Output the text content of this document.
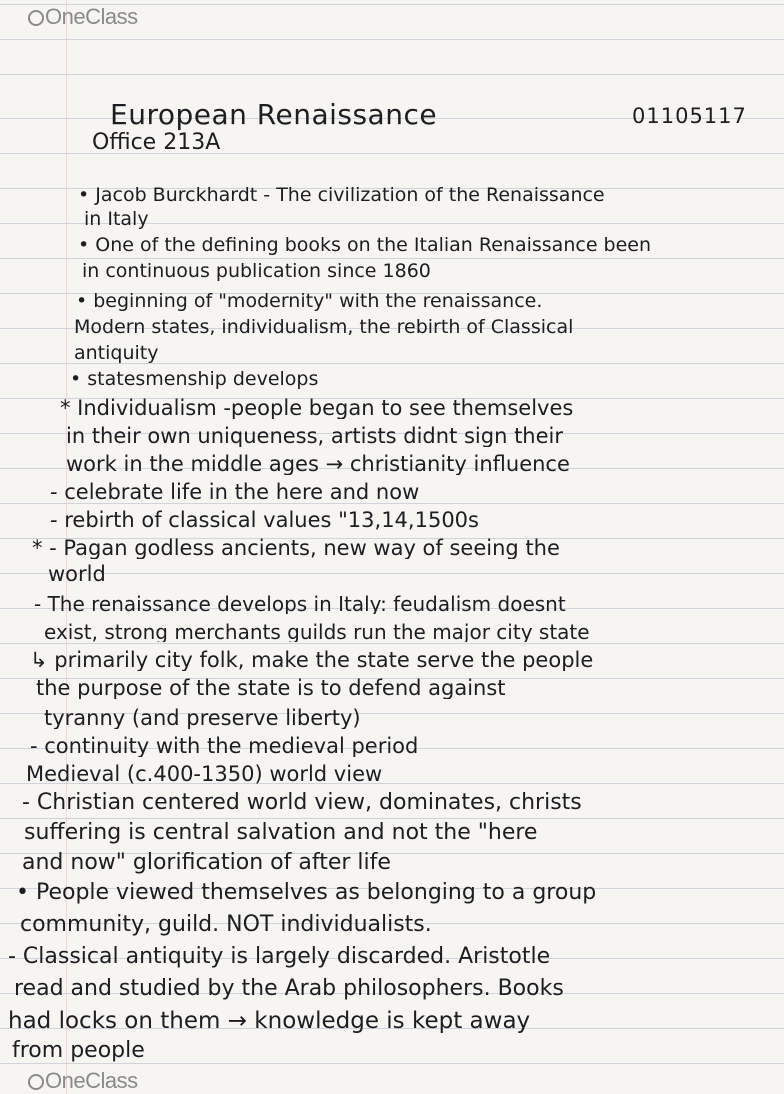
OneClass
European Renaissance	01105117
Office 213A

• Jacob Burckhardt - The civilization of the Renaissance

in Italy

• One of the defining books on the Italian Renaissance been

in continuous publication since 1860

• beginning of "modernity" with the renaissance.

Modern states, individualism, the rebirth of Classical

antiquity

• statesmenship develops

* Individualism -people began to see themselves

in their own uniqueness, artists didnt sign their

work in the middle ages → christianity influence

- celebrate life in the here and now

- rebirth of classical values "13,14,1500s

* - Pagan godless ancients, new way of seeing the

world

- The renaissance develops in Italy: feudalism doesnt

exist, strong merchants guilds run the major city state

↳ primarily city folk, make the state serve the people

the purpose of the state is to defend against

tyranny (and preserve liberty)

- continuity with the medieval period

Medieval (c.400-1350) world view

- Christian centered world view, dominates, christs

suffering is central salvation and not the "here

and now" glorification of after life

• People viewed themselves as belonging to a group

community, guild. NOT individualists.

- Classical antiquity is largely discarded. Aristotle

read and studied by the Arab philosophers. Books

had locks on them → knowledge is kept away

from people

OneClass
